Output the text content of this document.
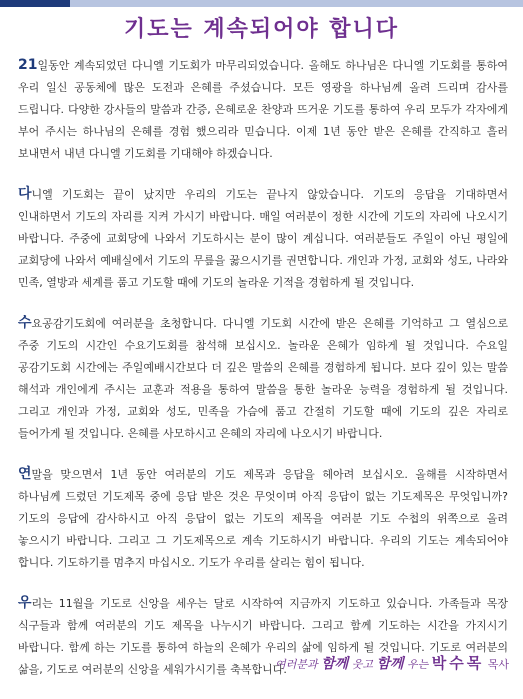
기도는 계속되어야 합니다

21일동안 계속되었던 다니엘 기도회가 마무리되었습니다. 올해도 하나님은 다니엘 기도회를 통하여 우리 일신 공동체에 많은 도전과 은혜를 주셨습니다. 모든 영광을 하나님께 올려 드리며 감사를 드립니다. 다양한 강사들의 말씀과 간증, 은혜로운 찬양과 뜨거운 기도를 통하여 우리 모두가 각자에게 부어 주시는 하나님의 은혜를 경험 했으리라 믿습니다. 이제 1년 동안 받은 은혜를 간직하고 흘러 보내면서 내년 다니엘 기도회를 기대해야 하겠습니다.

다니엘 기도회는 끝이 났지만 우리의 기도는 끝나지 않았습니다. 기도의 응답을 기대하면서 인내하면서 기도의 자리를 지켜 가시기 바랍니다. 매일 여러분이 정한 시간에 기도의 자리에 나오시기 바랍니다. 주중에 교회당에 나와서 기도하시는 분이 많이 계십니다. 여러분들도 주일이 아닌 평일에 교회당에 나와서 예배실에서 기도의 무릎을 꿇으시기를 권면합니다. 개인과 가정, 교회와 성도, 나라와 민족, 열방과 세계를 품고 기도할 때에 기도의 놀라운 기적을 경험하게 될 것입니다.

수요공감기도회에 여러분을 초청합니다. 다니엘 기도회 시간에 받은 은혜를 기억하고 그 열심으로 주중 기도의 시간인 수요기도회를 참석해 보십시오. 놀라운 은혜가 임하게 될 것입니다. 수요일 공감기도회 시간에는 주일예배시간보다 더 깊은 말씀의 은혜를 경험하게 됩니다. 보다 깊이 있는 말씀 해석과 개인에게 주시는 교훈과 적용을 통하여 말씀을 통한 놀라운 능력을 경험하게 될 것입니다. 그리고 개인과 가정, 교회와 성도, 민족을 가슴에 품고 간절히 기도할 때에 기도의 깊은 자리로 들어가게 될 것입니다. 은혜를 사모하시고 은혜의 자리에 나오시기 바랍니다.

연말을 맞으면서 1년 동안 여러분의 기도 제목과 응답을 헤아려 보십시오. 올해를 시작하면서 하나님께 드렸던 기도제목 중에 응답 받은 것은 무엇이며 아직 응답이 없는 기도제목은 무엇입니까? 기도의 응답에 감사하시고 아직 응답이 없는 기도의 제목을 여러분 기도 수첩의 위쪽으로 올려 놓으시기 바랍니다. 그리고 그 기도제목으로 계속 기도하시기 바랍니다. 우리의 기도는 계속되어야 합니다. 기도하기를 멈추지 마십시오. 기도가 우리를 살리는 힘이 됩니다.

우리는 11월을 기도로 신앙을 세우는 달로 시작하여 지금까지 기도하고 있습니다. 가족들과 목장 식구들과 함께 여러분의 기도 제목을 나누시기 바랍니다. 그리고 함께 기도하는 시간을 가지시기 바랍니다. 함께 하는 기도를 통하여 하늘의 은혜가 우리의 삶에 임하게 될 것입니다. 기도로 여러분의 삶을, 기도로 여러분의 신앙을 세워가시기를 축복합니다.

여러분과 함께 웃고 함께 우는 박수목 목사
